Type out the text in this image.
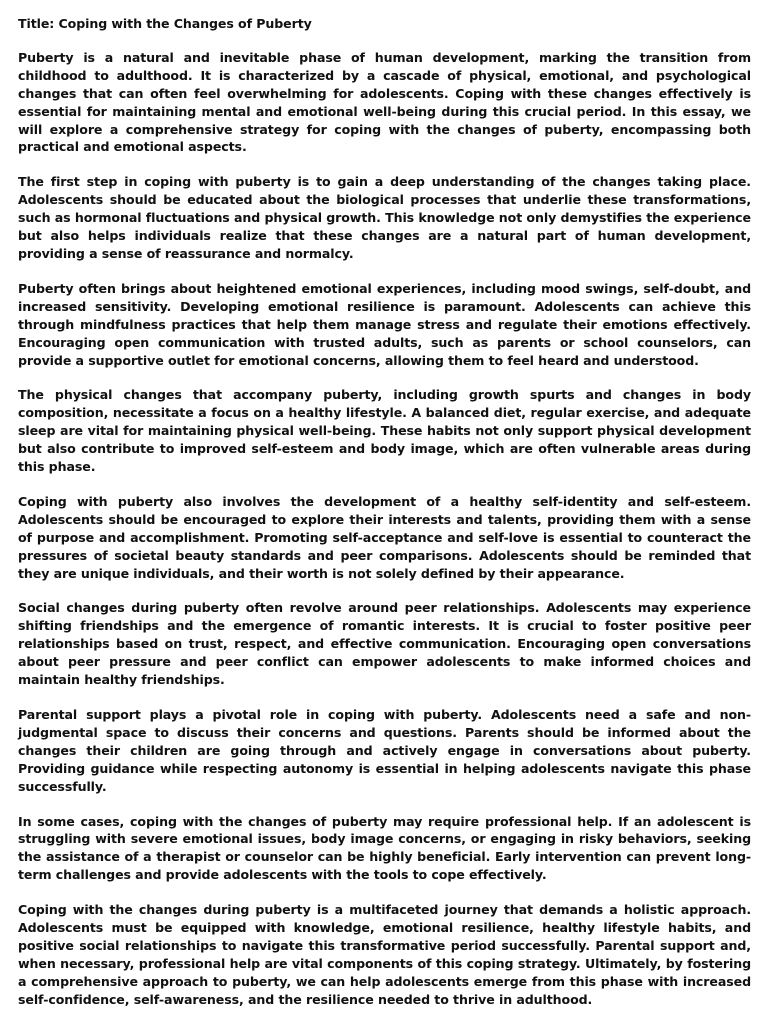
Title: Coping with the Changes of Puberty

Puberty is a natural and inevitable phase of human development, marking the transition from childhood to adulthood. It is characterized by a cascade of physical, emotional, and psychological changes that can often feel overwhelming for adolescents. Coping with these changes effectively is essential for maintaining mental and emotional well-being during this crucial period. In this essay, we will explore a comprehensive strategy for coping with the changes of puberty, encompassing both practical and emotional aspects.

The first step in coping with puberty is to gain a deep understanding of the changes taking place. Adolescents should be educated about the biological processes that underlie these transformations, such as hormonal fluctuations and physical growth. This knowledge not only demystifies the experience but also helps individuals realize that these changes are a natural part of human development, providing a sense of reassurance and normalcy.

Puberty often brings about heightened emotional experiences, including mood swings, self-doubt, and increased sensitivity. Developing emotional resilience is paramount. Adolescents can achieve this through mindfulness practices that help them manage stress and regulate their emotions effectively. Encouraging open communication with trusted adults, such as parents or school counselors, can provide a supportive outlet for emotional concerns, allowing them to feel heard and understood.

The physical changes that accompany puberty, including growth spurts and changes in body composition, necessitate a focus on a healthy lifestyle. A balanced diet, regular exercise, and adequate sleep are vital for maintaining physical well-being. These habits not only support physical development but also contribute to improved self-esteem and body image, which are often vulnerable areas during this phase.

Coping with puberty also involves the development of a healthy self-identity and self-esteem. Adolescents should be encouraged to explore their interests and talents, providing them with a sense of purpose and accomplishment. Promoting self-acceptance and self-love is essential to counteract the pressures of societal beauty standards and peer comparisons. Adolescents should be reminded that they are unique individuals, and their worth is not solely defined by their appearance.

Social changes during puberty often revolve around peer relationships. Adolescents may experience shifting friendships and the emergence of romantic interests. It is crucial to foster positive peer relationships based on trust, respect, and effective communication. Encouraging open conversations about peer pressure and peer conflict can empower adolescents to make informed choices and maintain healthy friendships.

Parental support plays a pivotal role in coping with puberty. Adolescents need a safe and non-judgmental space to discuss their concerns and questions. Parents should be informed about the changes their children are going through and actively engage in conversations about puberty. Providing guidance while respecting autonomy is essential in helping adolescents navigate this phase successfully.

In some cases, coping with the changes of puberty may require professional help. If an adolescent is struggling with severe emotional issues, body image concerns, or engaging in risky behaviors, seeking the assistance of a therapist or counselor can be highly beneficial. Early intervention can prevent long-term challenges and provide adolescents with the tools to cope effectively.

Coping with the changes during puberty is a multifaceted journey that demands a holistic approach. Adolescents must be equipped with knowledge, emotional resilience, healthy lifestyle habits, and positive social relationships to navigate this transformative period successfully. Parental support and, when necessary, professional help are vital components of this coping strategy. Ultimately, by fostering a comprehensive approach to puberty, we can help adolescents emerge from this phase with increased self-confidence, self-awareness, and the resilience needed to thrive in adulthood.
